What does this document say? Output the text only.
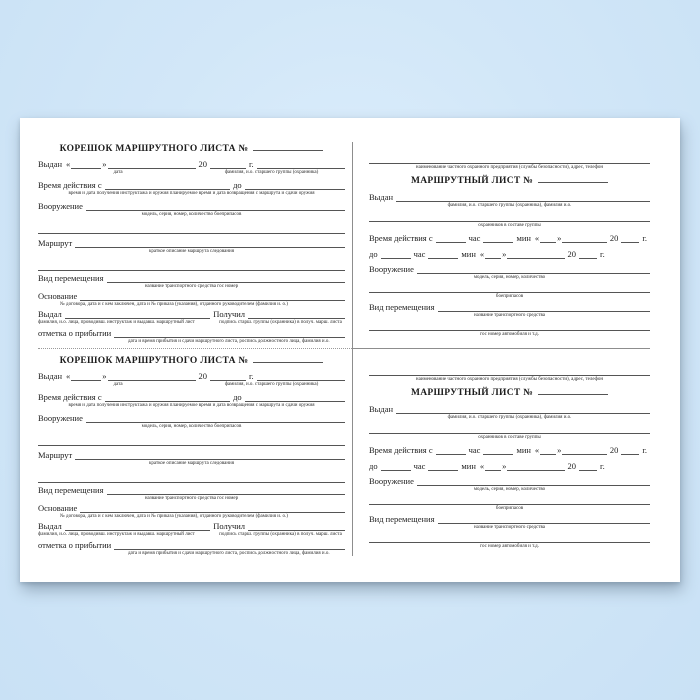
КОРЕШОК МАРШРУТНОГО ЛИСТА №
Выдан «	»	20	г.
дата	фамилия, и.о. старшего группы (охранника)
Время действия с	до
время и дата получения инструктажа и оружия планируемое время и дата возвращения с маршрута и сдачи оружия
Вооружение
модель, серия, номер, количество боеприпасов
Маршрут
краткое описание маршрута следования
Вид перемещения
название транспортного средства гос номер
Основание
№ договора, дата и с кем заключен, дата и № приказа (указания), отданного руководителем (фамилия и. о.)
Выдал	Получил
фамилия, и.о. лица, проводивш. инструктаж и выдавш. маршрутный лист	подпись старш. группы (охранника) в получ. марш. листа
отметка о прибытии
дата и время прибытия и сдачи маршрутного листа, роспись должностного лица, фамилия и.о.
наименование частного охранного предприятия (службы безопасности), адрес, телефон
МАРШРУТНЫЙ ЛИСТ №
Выдан
фамилия, и.о. старшего группы (охранника), фамилия и.о.
охранников в составе группы
Время действия с	час	мин « »	20	г.
до	час	мин « »	20	г.
Вооружение
модель, серия, номер, количество
боеприпасов
Вид перемещения
название транспортного средства
гос номер автомобиля и т.д.
КОРЕШОК МАРШРУТНОГО ЛИСТА №
Выдан «	»	20	г.
дата	фамилия, и.о. старшего группы (охранника)
Время действия с	до
время и дата получения инструктажа и оружия планируемое время и дата возвращения с маршрута и сдачи оружия
Вооружение
модель, серия, номер, количество боеприпасов
Маршрут
краткое описание маршрута следования
Вид перемещения
название транспортного средства гос номер
Основание
№ договора, дата и с кем заключен, дата и № приказа (указания), отданного руководителем (фамилия и. о.)
Выдал	Получил
фамилия, и.о. лица, проводивш. инструктаж и выдавш. маршрутный лист	подпись старш. группы (охранника) в получ. марш. листа
отметка о прибытии
дата и время прибытия и сдачи маршрутного листа, роспись должностного лица, фамилия и.о.
наименование частного охранного предприятия (службы безопасности), адрес, телефон
МАРШРУТНЫЙ ЛИСТ №
Выдан
фамилия, и.о. старшего группы (охранника), фамилия и.о.
охранников в составе группы
Время действия с	час	мин « »	20	г.
до	час	мин « »	20	г.
Вооружение
модель, серия, номер, количество
боеприпасов
Вид перемещения
название транспортного средства
гос номер автомобиля и т.д.
